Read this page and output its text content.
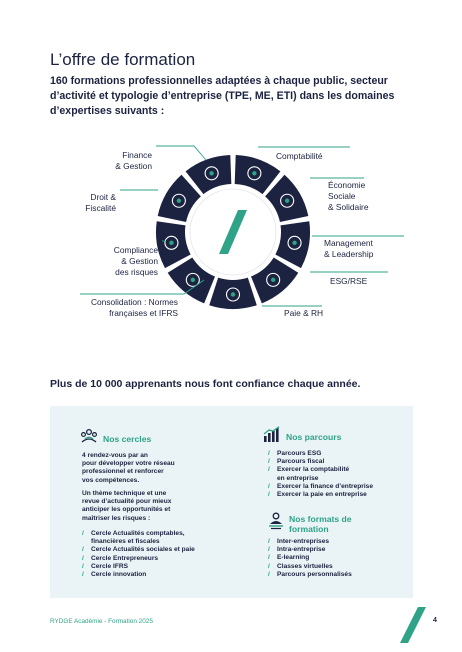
L’offre de formation
160 formations professionnelles adaptées à chaque public, secteur d’activité et typologie d’entreprise (TPE, ME, ETI) dans les domaines d’expertises suivants :
Finance & Gestion
Droit & Fiscalité
Compliance & Gestion des risques
Consolidation : Normes françaises et IFRS
Comptabilité
Économie Sociale & Solidaire
Management & Leadership
ESG/RSE
Paie & RH
Plus de 10 000 apprenants nous font confiance chaque année.
Nos cercles
4 rendez-vous par an
pour développer votre réseau
professionnel et renforcer
vos compétences.
Un thème technique et une
revue d’actualité pour mieux
anticiper les opportunités et
maîtriser les risques :
/	Cercle Actualités comptables,
financières et fiscales
/	Cercle Actualités sociales et paie
/	Cercle Entrepreneurs
/	Cercle IFRS
/	Cercle innovation
Nos parcours
/	Parcours ESG
/	Parcours fiscal
/	Exercer la comptabilité
en entreprise
/	Exercer la finance d’entreprise
/	Exercer la paie en entreprise
Nos formats de
formation
/	Inter-entreprises
/	Intra-entreprise
/	E-learning
/	Classes virtuelles
/	Parcours personnalisés
RYDGE Académie - Formation 2025	4
